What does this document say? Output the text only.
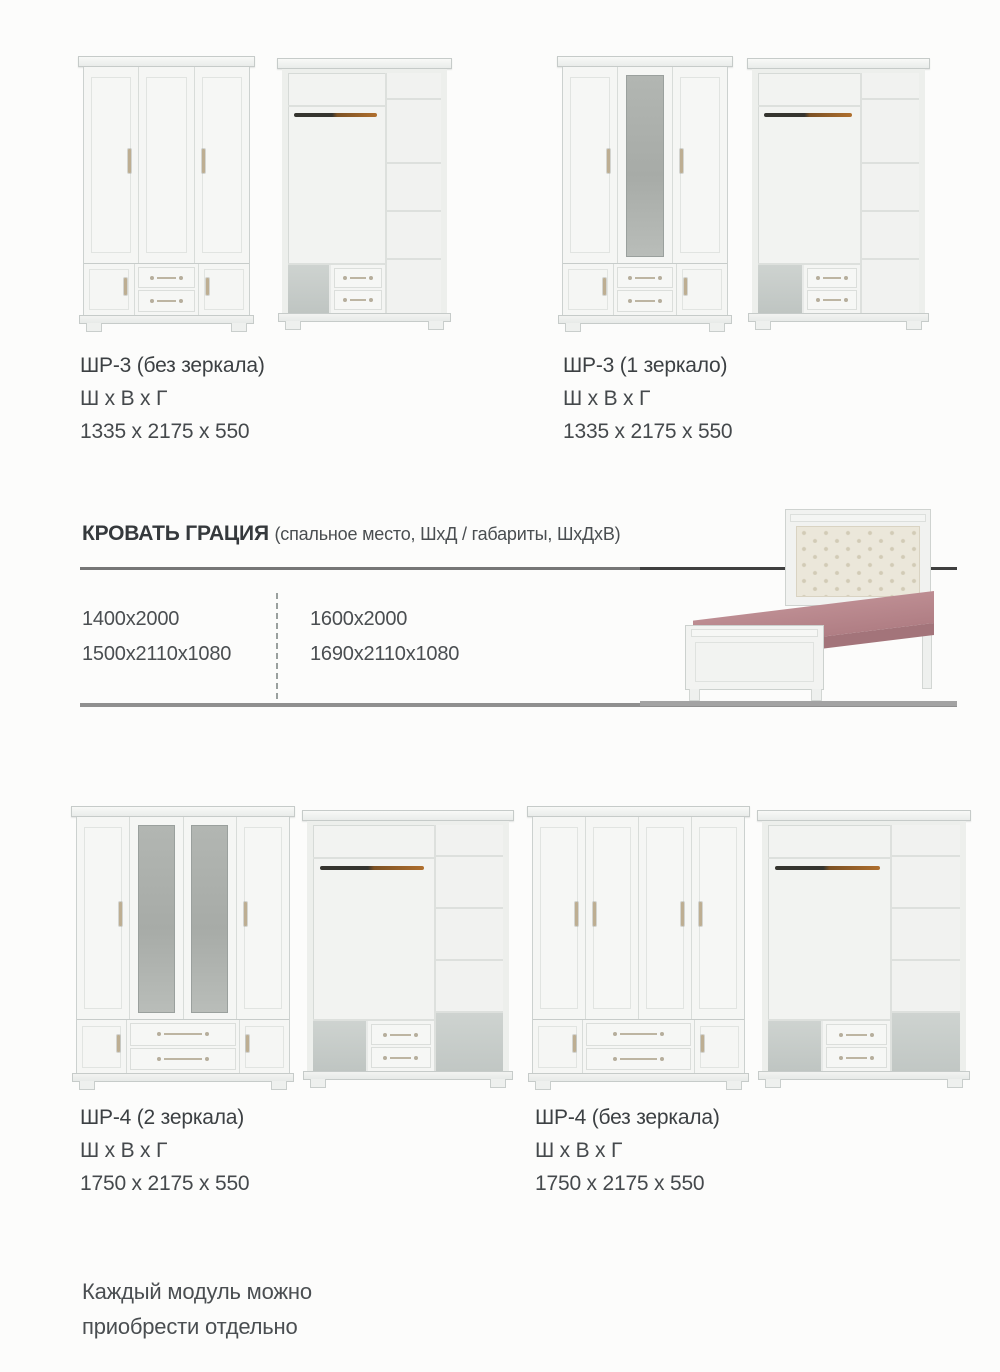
ШР-3 (без зеркала)
Ш х В х Г
1335 х 2175 х 550
ШР-3 (1 зеркало)
Ш х В х Г
1335 х 2175 х 550
КРОВАТЬ ГРАЦИЯ (спальное место, ШхД / габариты, ШхДхВ)
1400х2000
1500х2110х1080
1600х2000
1690х2110х1080
ШР-4 (2 зеркала)
Ш х В х Г
1750 х 2175 х 550
ШР-4 (без зеркала)
Ш х В х Г
1750 х 2175 х 550
Каждый модуль можно
приобрести отдельно
